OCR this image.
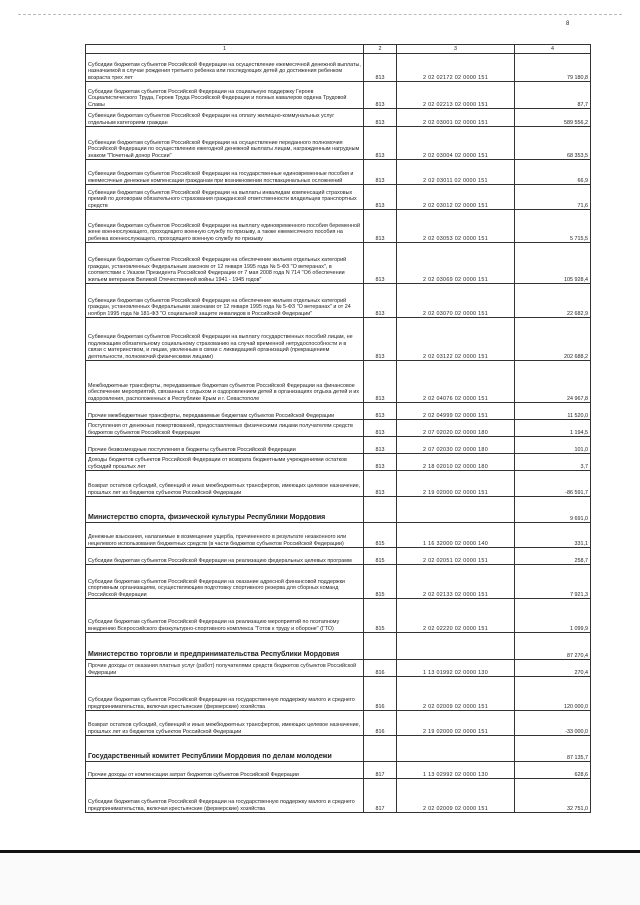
8
1	2	3	4
Субсидии бюджетам субъектов Российской Федерации на осуществление ежемесячной денежной выплаты, назначаемой в случае рождения третьего ребенка или последующих детей до достижения ребенком возраста трех лет	813	2 02 02172 02 0000 151	79 180,8
Субсидии бюджетам субъектов Российской Федерации на социальную поддержку Героев Социалистического Труда, Героев Труда Российской Федерации и полных кавалеров ордена Трудовой Славы	813	2 02 02213 02 0000 151	87,7
Субвенции бюджетам субъектов Российской Федерации на оплату жилищно-коммунальных услуг отдельным категориям граждан	813	2 02 03001 02 0000 151	589 556,2
Субвенции бюджетам субъектов Российской Федерации на осуществление переданного полномочия Российской Федерации по осуществлению ежегодной денежной выплаты лицам, награжденным нагрудным знаком "Почетный донор России"	813	2 02 03004 02 0000 151	68 353,5
Субвенции бюджетам субъектов Российской Федерации на государственные единовременные пособия и ежемесячные денежные компенсации гражданам при возникновении поствакцинальных осложнений	813	2 02 03011 02 0000 151	66,9
Субвенции бюджетам субъектов Российской Федерации на выплаты инвалидам компенсаций страховых премий по договорам обязательного страхования гражданской ответственности владельцев транспортных средств	813	2 02 03012 02 0000 151	71,6
Субвенции бюджетам субъектов Российской Федерации на выплату единовременного пособия беременной жене военнослужащего, проходящего военную службу по призыву, а также ежемесячного пособия на ребенка военнослужащего, проходящего военную службу по призыву	813	2 02 03053 02 0000 151	5 715,5
Субвенции бюджетам субъектов Российской Федерации на обеспечение жильем отдельных категорий граждан, установленных Федеральным законом от 12 января 1995 года № 5-ФЗ "О ветеранах", в соответствии с Указом Президента Российской Федерации от 7 мая 2008 года N 714 "Об обеспечении жильем ветеранов Великой Отечественной войны 1941 - 1945 годов"	813	2 02 03069 02 0000 151	105 928,4
Субвенции бюджетам субъектов Российской Федерации на обеспечение жильем отдельных категорий граждан, установленных Федеральными законами от 12 января 1995 года № 5-ФЗ "О ветеранах" и от 24 ноября 1995 года № 181-ФЗ "О социальной защите инвалидов в Российской Федерации"	813	2 02 03070 02 0000 151	22 682,9
Субвенции бюджетам субъектов Российской Федерации на выплату государственных пособий лицам, не подлежащим обязательному социальному страхованию на случай временной нетрудоспособности и в связи с материнством, и лицам, уволенным в связи с ликвидацией организаций (прекращением деятельности, полномочий физическими лицами)	813	2 02 03122 02 0000 151	202 688,2
Межбюджетные трансферты, передаваемые бюджетам субъектов Российской Федерации на финансовое обеспечение мероприятий, связанных с отдыхом и оздоровлением детей в организациях отдыха детей и их оздоровления, расположенных в Республике Крым и г. Севастополе	813	2 02 04076 02 0000 151	24 967,8
Прочие межбюджетные трансферты, передаваемые бюджетам субъектов Российской Федерации	813	2 02 04999 02 0000 151	11 520,0
Поступления от денежных пожертвований, предоставляемых физическими лицами получателям средств бюджетов субъектов Российской Федерации	813	2 07 02020 02 0000 180	1 194,5
Прочие безвозмездные поступления в бюджеты субъектов Российской Федерации	813	2 07 02030 02 0000 180	101,0
Доходы бюджетов субъектов Российской Федерации от возврата бюджетными учреждениями остатков субсидий прошлых лет	813	2 18 02010 02 0000 180	3,7
Возврат остатков субсидий, субвенций и иных межбюджетных трансфертов, имеющих целевое назначение, прошлых лет из бюджетов субъектов Российской Федерации	813	2 19 02000 02 0000 151	-86 591,7
Министерство спорта, физической культуры Республики Мордовия			9 691,0
Денежные взыскания, налагаемые в возмещение ущерба, причиненного в результате незаконного или нецелевого использования бюджетных средств (в части бюджетов субъектов Российской Федерации)	815	1 16 32000 02 0000 140	331,1
Субсидии бюджетам субъектов Российской Федерации на реализацию федеральных целевых программ	815	2 02 02051 02 0000 151	258,7
Субсидии бюджетам субъектов Российской Федерации на оказание адресной финансовой поддержки спортивным организациям, осуществляющим подготовку спортивного резерва для сборных команд Российской Федерации	815	2 02 02133 02 0000 151	7 921,3
Субсидии бюджетам субъектов Российской Федерации на реализацию мероприятий по поэтапному внедрению Всероссийского физкультурно-спортивного комплекса "Готов к труду и обороне" (ГТО)	815	2 02 02220 02 0000 151	1 099,9
Министерство торговли и предпринимательства Республики Мордовия			87 270,4
Прочие доходы от оказания платных услуг (работ) получателями средств бюджетов субъектов Российской Федерации	816	1 13 01992 02 0000 130	270,4
Субсидии бюджетам субъектов Российской Федерации на государственную поддержку малого и среднего предпринимательства, включая крестьянские (фермерские) хозяйства	816	2 02 02009 02 0000 151	120 000,0
Возврат остатков субсидий, субвенций и иных межбюджетных трансфертов, имеющих целевое назначение, прошлых лет из бюджетов субъектов Российской Федерации	816	2 19 02000 02 0000 151	-33 000,0
Государственный комитет Республики Мордовия по делам молодежи			87 135,7
Прочие доходы от компенсации затрат бюджетов субъектов Российской Федерации	817	1 13 02992 02 0000 130	628,6
Субсидии бюджетам субъектов Российской Федерации на государственную поддержку малого и среднего предпринимательства, включая крестьянские (фермерские) хозяйства	817	2 02 02009 02 0000 151	32 751,0
